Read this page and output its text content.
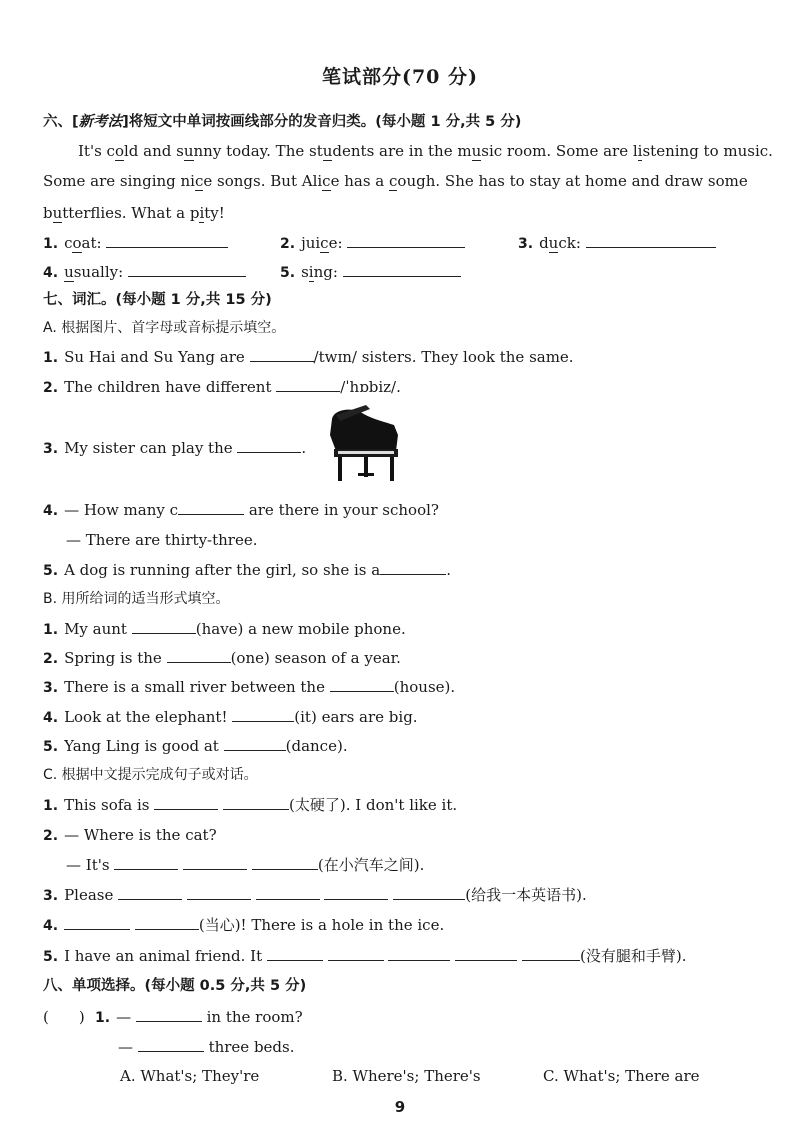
笔试部分(70 分)
六、[新考法]将短文中单词按画线部分的发音归类。(每小题 1 分,共 5 分)
It's cold and sunny today. The students are in the music room. Some are listening to music.
Some are singing nice songs. But Alice has a cough. She has to stay at home and draw some
butterflies. What a pity!
1. coat:	2. juice:	3. duck:
4. usually:	5. sing:
七、词汇。(每小题 1 分,共 15 分)
A. 根据图片、首字母或音标提示填空。
1. Su Hai and Su Yang are	/twɪn/ sisters. They look the same.
2. The children have different	/ˈhɒbiz/.
3. My sister can play the	.
4. — How many c	are there in your school?
— There are thirty-three.
5. A dog is running after the girl, so she is a	.
B. 用所给词的适当形式填空。
1. My aunt	(have) a new mobile phone.
2. Spring is the	(one) season of a year.
3. There is a small river between the	(house).
4. Look at the elephant!	(it) ears are big.
5. Yang Ling is good at	(dance).
C. 根据中文提示完成句子或对话。
1. This sofa is	(太硬了). I don't like it.
2. — Where is the cat?
— It's	(在小汽车之间).
3. Please	(给我一本英语书).
4.	(当心)! There is a hole in the ice.
5. I have an animal friend. It	(没有腿和手臂).
八、单项选择。(每小题 0.5 分,共 5 分)
(　　) 1. —	in the room?
—	three beds.
A. What's; They're	B. Where's; There's	C. What's; There are
9
